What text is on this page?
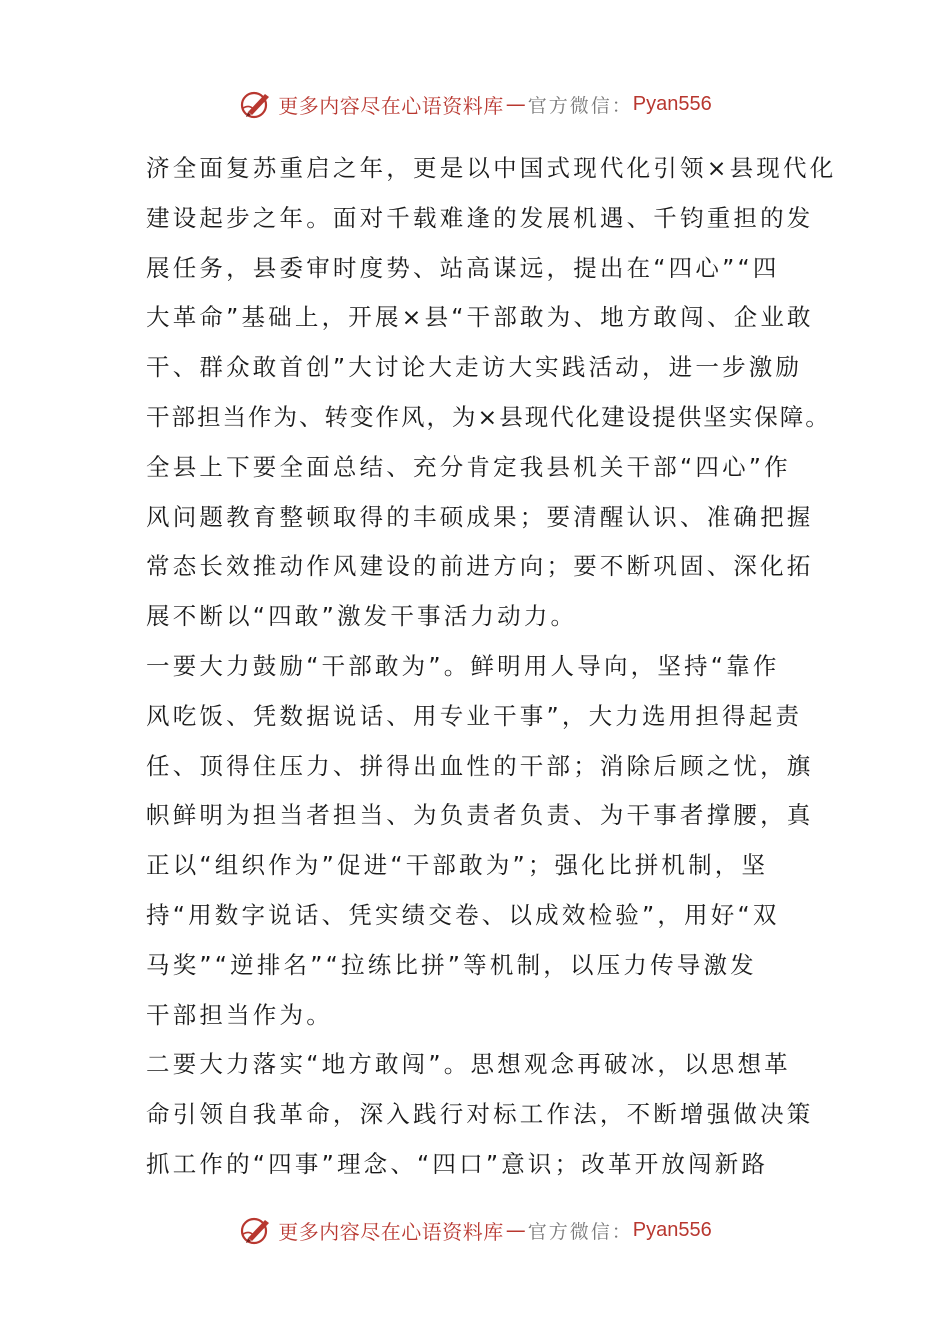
更多内容尽在心语资料库 — 官方微信： Pyan556
济全面复苏重启之年，更是以中国式现代化引领×县现代化
建设起步之年。面对千载难逢的发展机遇、千钧重担的发
展任务，县委审时度势、站高谋远，提出在“四心”“四
大革命”基础上，开展×县“干部敢为、地方敢闯、企业敢
干、群众敢首创”大讨论大走访大实践活动，进一步激励
干部担当作为、转变作风，为×县现代化建设提供坚实保障。
全县上下要全面总结、充分肯定我县机关干部“四心”作
风问题教育整顿取得的丰硕成果；要清醒认识、准确把握
常态长效推动作风建设的前进方向；要不断巩固、深化拓
展不断以“四敢”激发干事活力动力。
一要大力鼓励“干部敢为”。鲜明用人导向，坚持“靠作
风吃饭、凭数据说话、用专业干事”，大力选用担得起责
任、顶得住压力、拼得出血性的干部；消除后顾之忧，旗
帜鲜明为担当者担当、为负责者负责、为干事者撑腰，真
正以“组织作为”促进“干部敢为”；强化比拼机制，坚
持“用数字说话、凭实绩交卷、以成效检验”，用好“双
马奖”“逆排名”“拉练比拼”等机制，以压力传导激发
干部担当作为。
二要大力落实“地方敢闯”。思想观念再破冰，以思想革
命引领自我革命，深入践行对标工作法，不断增强做决策
抓工作的“四事”理念、“四口”意识；改革开放闯新路
更多内容尽在心语资料库 — 官方微信： Pyan556
